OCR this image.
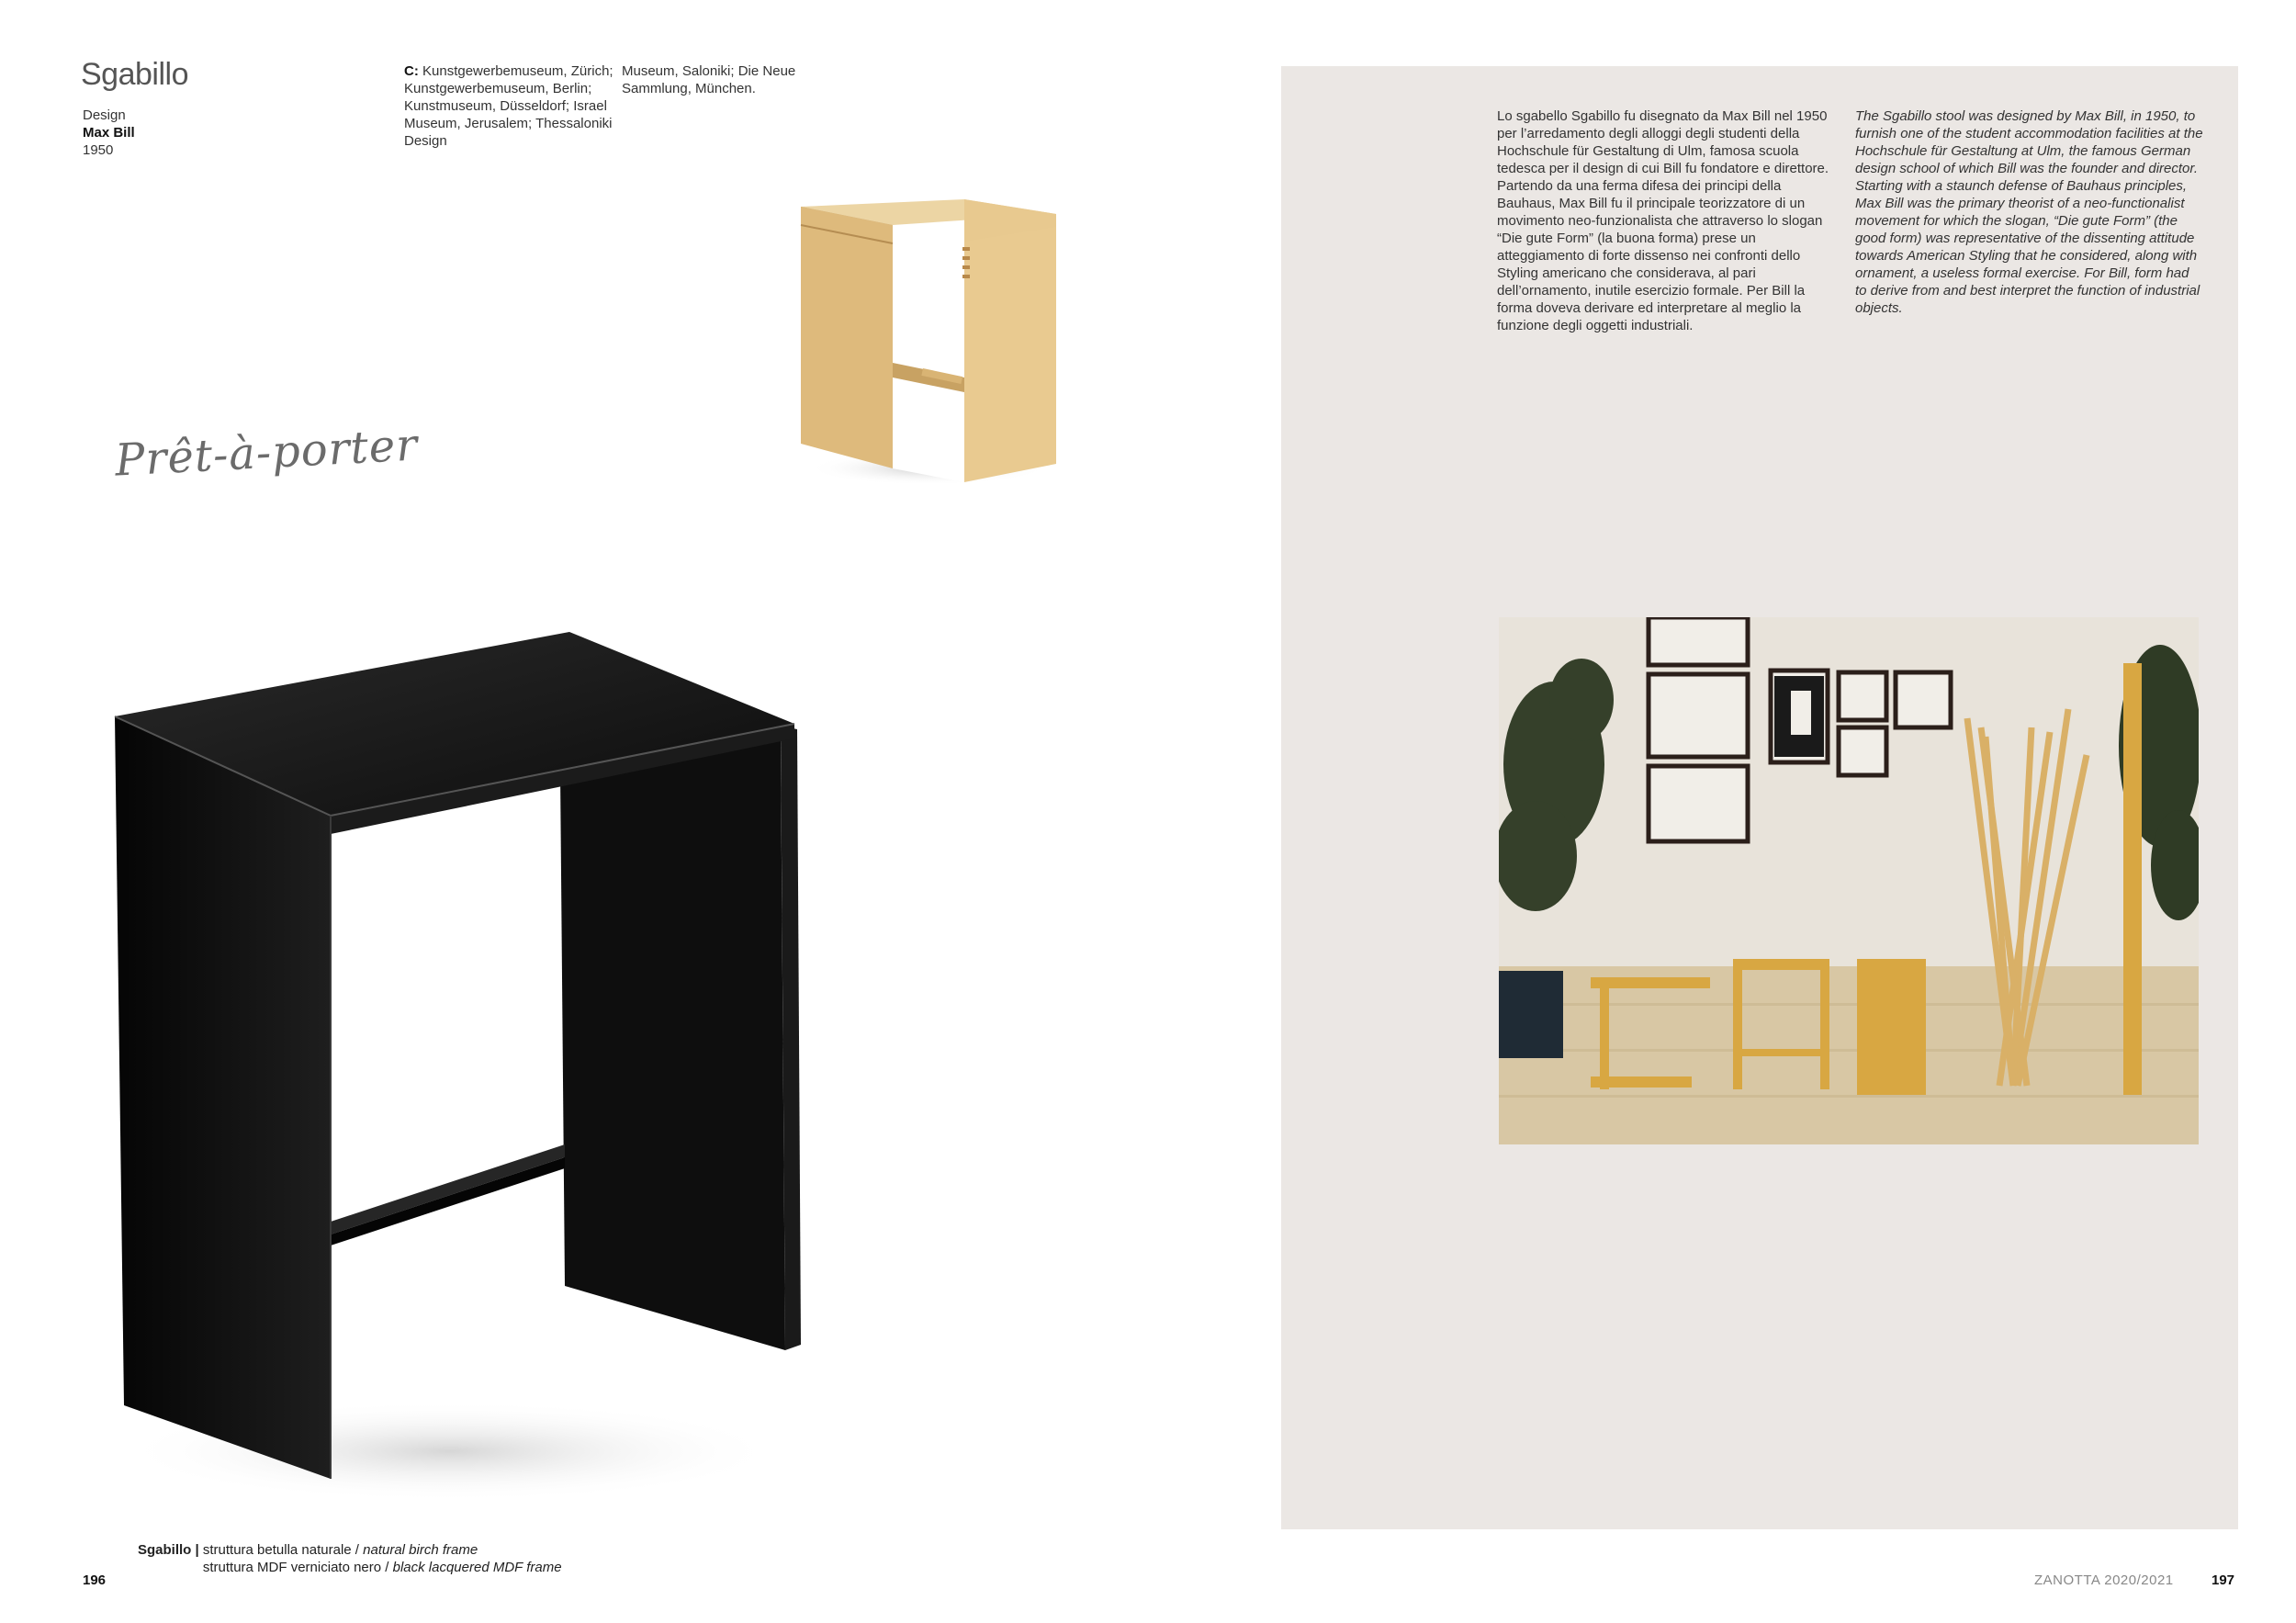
Sgabillo
Design
Max Bill
1950
C: Kunstgewerbemuseum, Zürich; Kunstgewerbemuseum, Berlin; Kunstmuseum, Düsseldorf; Israel Museum, Jerusalem; Thessaloniki Design
Museum, Saloniki; Die Neue Sammlung, München.
Prêt-à-porter
Sgabillo | struttura betulla naturale / natural birch frame
struttura MDF verniciato nero / black lacquered MDF frame
196
Lo sgabello Sgabillo fu disegnato da Max Bill nel 1950 per l’arredamento degli alloggi degli studenti della Hochschule für Gestaltung di Ulm, famosa scuola tedesca per il design di cui Bill fu fondatore e direttore. Partendo da una ferma difesa dei principi della Bauhaus, Max Bill fu il principale teorizzatore di un movimento neo-funzionalista che attraverso lo slogan “Die gute Form” (la buona forma) prese un atteggiamento di forte dissenso nei confronti dello Styling americano che considerava, al pari dell’ornamento, inutile esercizio formale. Per Bill la forma doveva derivare ed interpretare al meglio la funzione degli oggetti industriali.
The Sgabillo stool was designed by Max Bill, in 1950, to furnish one of the student accommodation facilities at the Hochschule für Gestaltung at Ulm, the famous German design school of which Bill was the founder and director. Starting with a staunch defense of Bauhaus principles, Max Bill was the primary theorist of a neo-functionalist movement for which the slogan, “Die gute Form” (the good form) was representative of the dissenting attitude towards American Styling that he considered, along with ornament, a useless formal exercise. For Bill, form had to derive from and best interpret the function of industrial objects.
ZANOTTA 2020/2021	197
